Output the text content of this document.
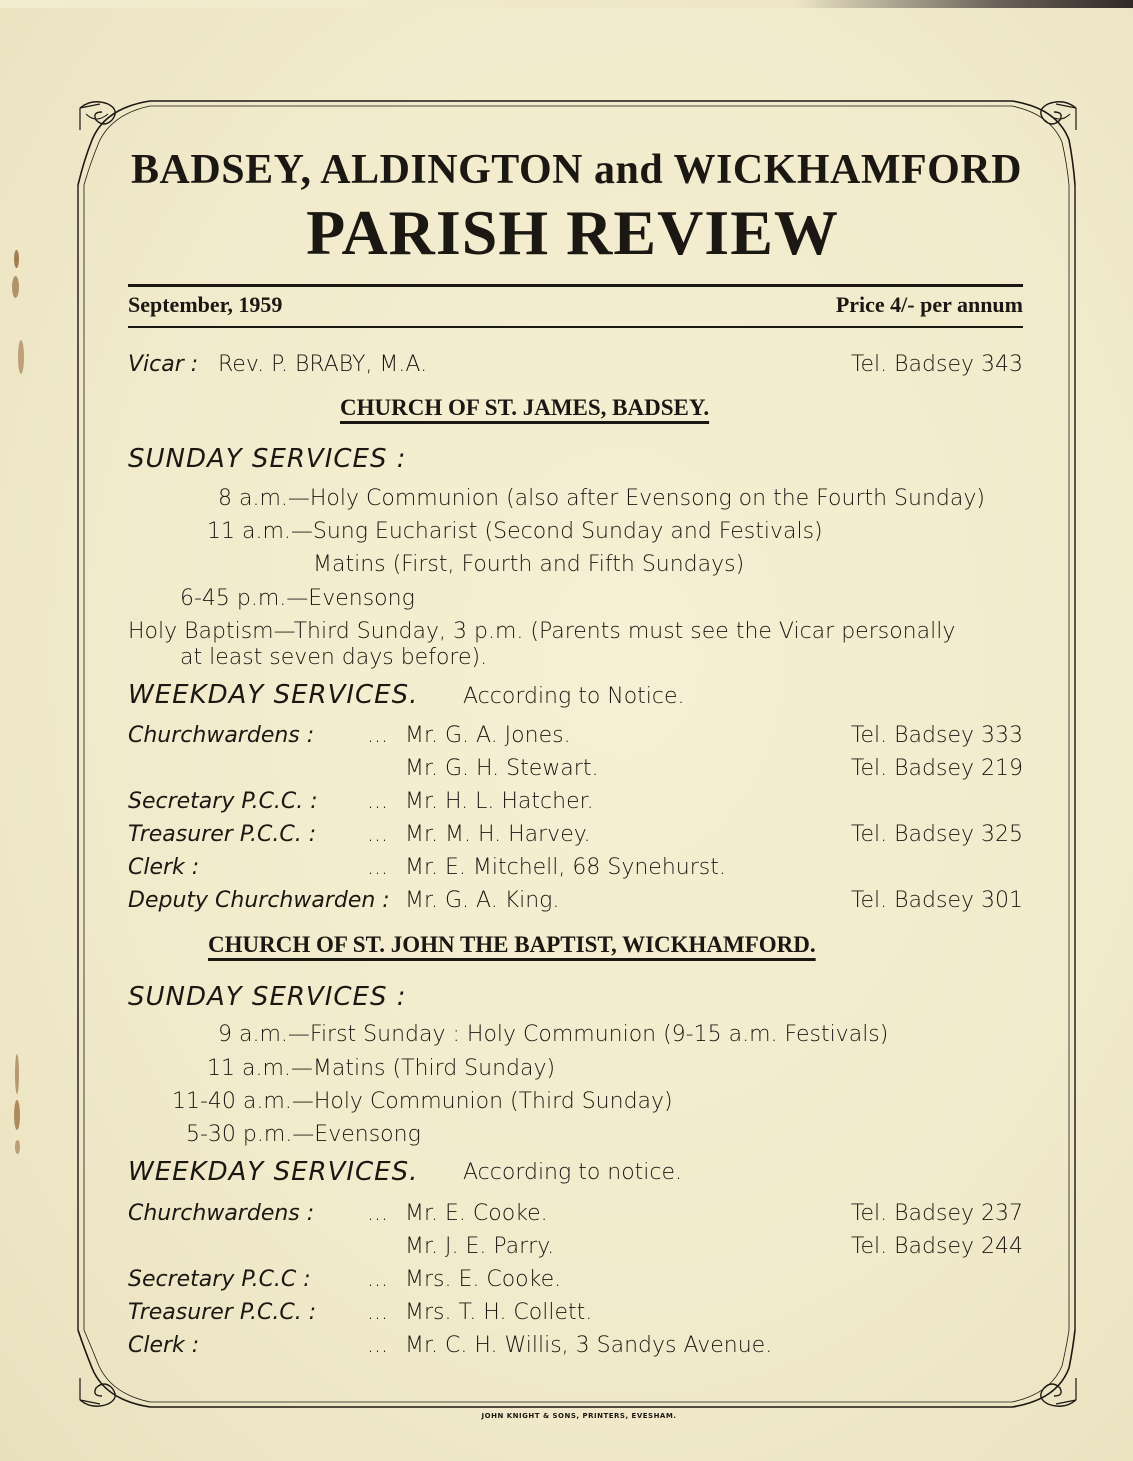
BADSEY, ALDINGTON and WICKHAMFORD
PARISH REVIEW
September, 1959	Price 4/- per annum
Vicar : Rev. P. BRABY, M.A.	Tel. Badsey 343
CHURCH OF ST. JAMES, BADSEY.
SUNDAY SERVICES :
8 a.m.—Holy Communion (also after Evensong on the Fourth Sunday)
11 a.m.—Sung Eucharist (Second Sunday and Festivals)
Matins (First, Fourth and Fifth Sundays)
6-45 p.m.—Evensong
Holy Baptism—Third Sunday, 3 p.m. (Parents must see the Vicar personally
at least seven days before).
WEEKDAY SERVICES. According to Notice.
Churchwardens : ... Mr. G. A. Jones.	Tel. Badsey 333
Mr. G. H. Stewart.	Tel. Badsey 219
Secretary P.C.C. : ... Mr. H. L. Hatcher.
Treasurer P.C.C. : ... Mr. M. H. Harvey.	Tel. Badsey 325
Clerk :	... Mr. E. Mitchell, 68 Synehurst.
Deputy Churchwarden : Mr. G. A. King.	Tel. Badsey 301
CHURCH OF ST. JOHN THE BAPTIST, WICKHAMFORD.
SUNDAY SERVICES :
9 a.m.—First Sunday : Holy Communion (9-15 a.m. Festivals)
11 a.m.—Matins (Third Sunday)
11-40 a.m.—Holy Communion (Third Sunday)
5-30 p.m.—Evensong
WEEKDAY SERVICES. According to notice.
Churchwardens : ... Mr. E. Cooke.	Tel. Badsey 237
Mr. J. E. Parry.	Tel. Badsey 244
Secretary P.C.C :	... Mrs. E. Cooke.
Treasurer P.C.C. : ... Mrs. T. H. Collett.
Clerk :	... Mr. C. H. Willis, 3 Sandys Avenue.
JOHN KNIGHT & SONS, PRINTERS, EVESHAM.
